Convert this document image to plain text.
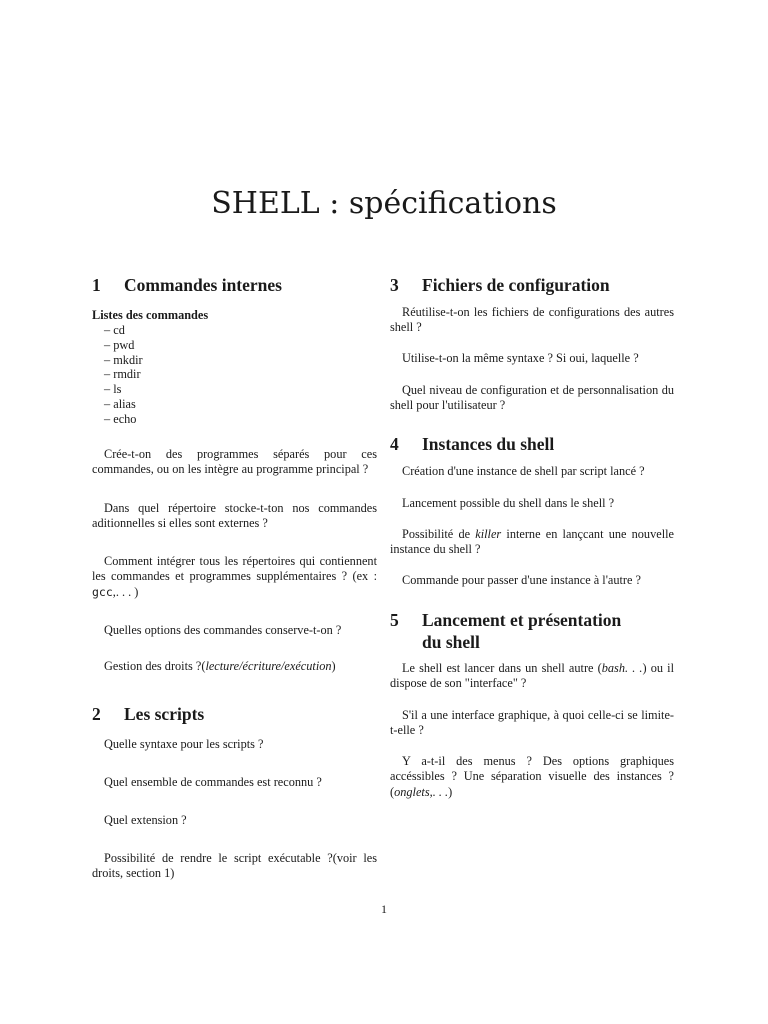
SHELL : spécifications
1 Commandes internes
Listes des commandes
– cd
– pwd
– mkdir
– rmdir
– ls
– alias
– echo
Crée-t-on des programmes séparés pour ces commandes, ou on les intègre au programme principal ?
Dans quel répertoire stocke-t-ton nos commandes aditionnelles si elles sont externes ?
Comment intégrer tous les répertoires qui contiennent les commandes et programmes supplémentaires ? (ex : gcc,. . . )
Quelles options des commandes conserve-t-on ?
Gestion des droits ?(lecture/écriture/exécution)
2 Les scripts
Quelle syntaxe pour les scripts ?
Quel ensemble de commandes est reconnu ?
Quel extension ?
Possibilité de rendre le script exécutable ?(voir les droits, section 1)
3 Fichiers de configuration
Réutilise-t-on les fichiers de configurations des autres shell ?
Utilise-t-on la même syntaxe ? Si oui, laquelle ?
Quel niveau de configuration et de personnalisation du shell pour l'utilisateur ?
4 Instances du shell
Création d'une instance de shell par script lancé ?
Lancement possible du shell dans le shell ?
Possibilité de killer interne en lançcant une nouvelle instance du shell ?
Commande pour passer d'une instance à l'autre ?
5 Lancement et présentation
du shell
Le shell est lancer dans un shell autre (bash. . .) ou il dispose de son "interface" ?
S'il a une interface graphique, à quoi celle-ci se limite-t-elle ?
Y a-t-il des menus ? Des options graphiques accéssibles ? Une séparation visuelle des instances ? (onglets,. . .)
1
